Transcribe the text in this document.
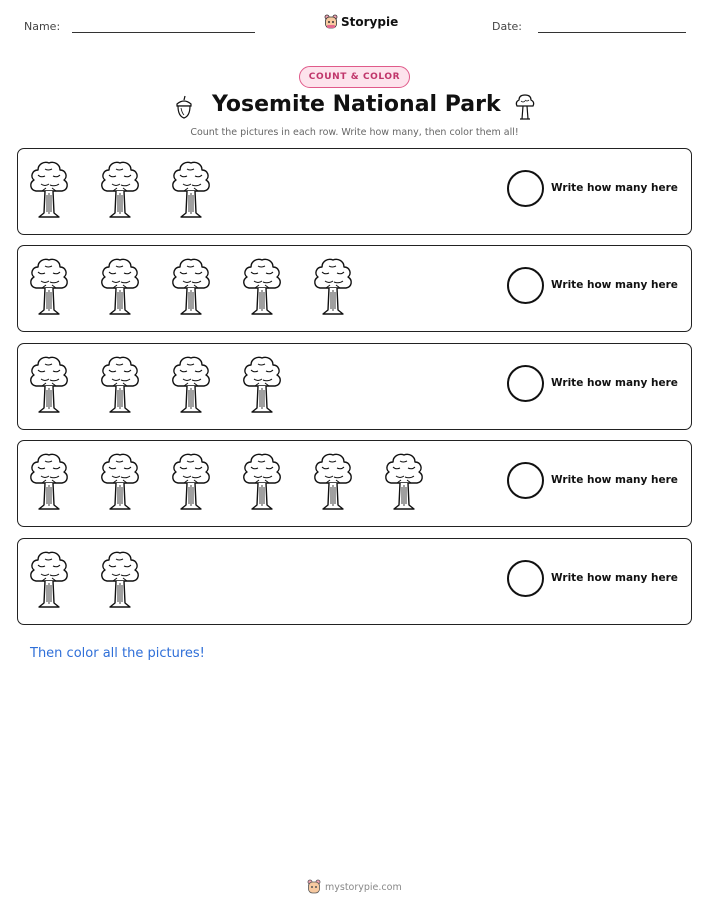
Name:	Storypie	Date:
COUNT & COLOR
Yosemite National Park
Count the pictures in each row. Write how many, then color them all!
Write how many here
Write how many here
Write how many here
Write how many here
Write how many here
Then color all the pictures!
mystorypie.com
